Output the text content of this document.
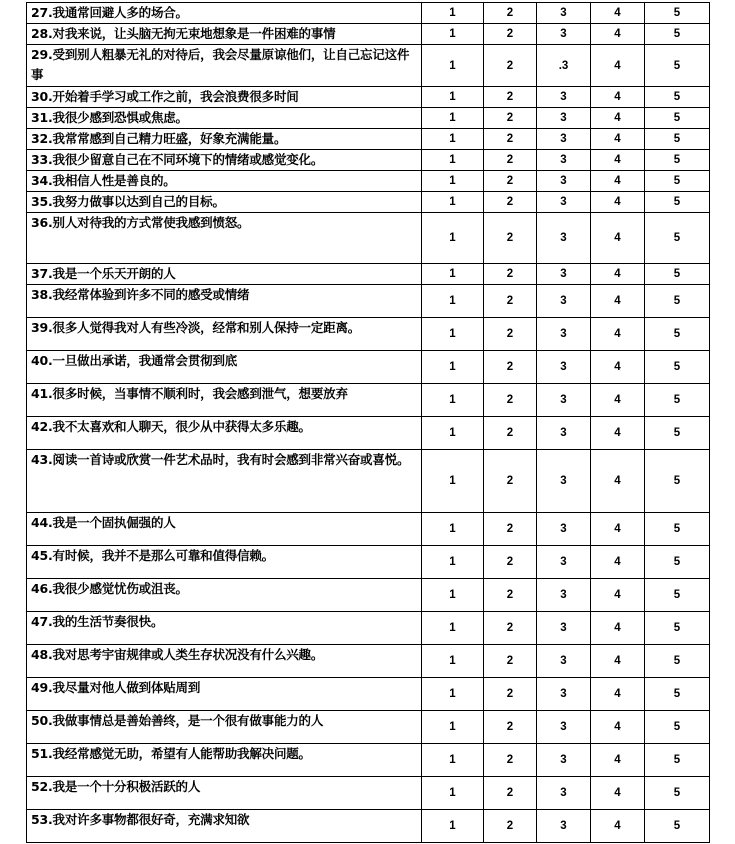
27.我通常回避人多的场合。	1	2	3	4	5
28.对我来说，让头脑无拘无束地想象是一件困难的事情	1	2	3	4	5
29.受到别人粗暴无礼的对待后，我会尽量原谅他们，让自己忘记这件事	1	2	.3	4	5
30.开始着手学习或工作之前，我会浪费很多时间	1	2	3	4	5
31.我很少感到恐惧或焦虑。	1	2	3	4	5
32.我常常感到自己精力旺盛，好象充满能量。	1	2	3	4	5
33.我很少留意自己在不同环境下的情绪或感觉变化。	1	2	3	4	5
34.我相信人性是善良的。	1	2	3	4	5
35.我努力做事以达到自己的目标。	1	2	3	4	5
36.别人对待我的方式常使我感到愤怒。	1	2	3	4	5
37.我是一个乐天开朗的人	1	2	3	4	5
38.我经常体验到许多不同的感受或情绪	1	2	3	4	5
39.很多人觉得我对人有些冷淡，经常和别人保持一定距离。	1	2	3	4	5
40.一旦做出承诺，我通常会贯彻到底	1	2	3	4	5
41.很多时候，当事情不顺利时，我会感到泄气，想要放弃	1	2	3	4	5
42.我不太喜欢和人聊天，很少从中获得太多乐趣。	1	2	3	4	5
43.阅读一首诗或欣赏一件艺术品时，我有时会感到非常兴奋或喜悦。	1	2	3	4	5
44.我是一个固执倔强的人	1	2	3	4	5
45.有时候，我并不是那么可靠和值得信赖。	1	2	3	4	5
46.我很少感觉忧伤或沮丧。	1	2	3	4	5
47.我的生活节奏很快。	1	2	3	4	5
48.我对思考宇宙规律或人类生存状况没有什么兴趣。	1	2	3	4	5
49.我尽量对他人做到体贴周到	1	2	3	4	5
50.我做事情总是善始善终，是一个很有做事能力的人	1	2	3	4	5
51.我经常感觉无助，希望有人能帮助我解决问题。	1	2	3	4	5
52.我是一个十分积极活跃的人	1	2	3	4	5
53.我对许多事物都很好奇，充满求知欲	1	2	3	4	5
